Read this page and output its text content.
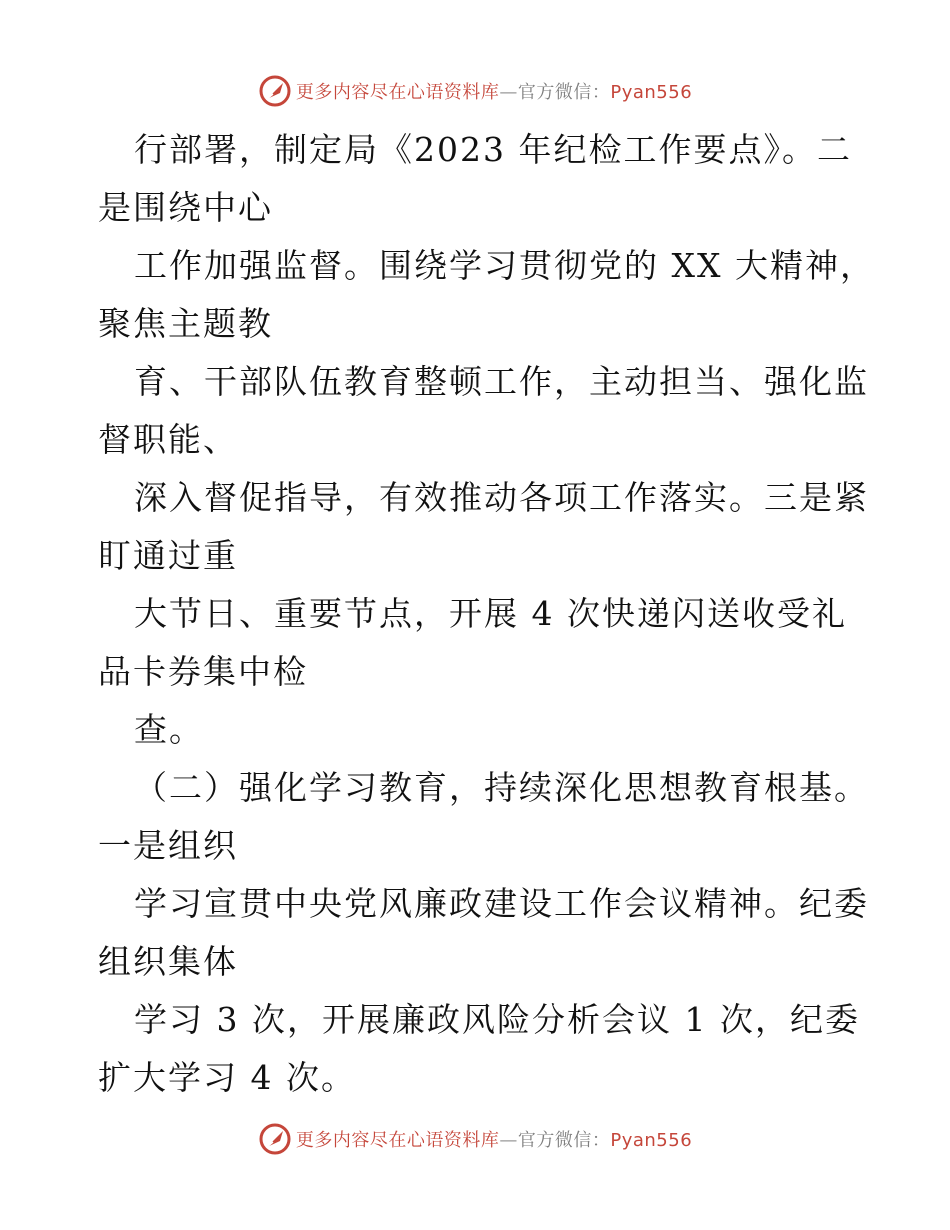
更多内容尽在心语资料库—官方微信：Pyan556
行部署，制定局《2023 年纪检工作要点》。二
是围绕中心
工作加强监督。围绕学习贯彻党的 XX 大精神，
聚焦主题教
育、干部队伍教育整顿工作，主动担当、强化监
督职能、
深入督促指导，有效推动各项工作落实。三是紧
盯通过重
大节日、重要节点，开展 4 次快递闪送收受礼
品卡券集中检
查。
（二）强化学习教育，持续深化思想教育根基。
一是组织
学习宣贯中央党风廉政建设工作会议精神。纪委
组织集体
学习 3 次，开展廉政风险分析会议 1 次，纪委
扩大学习 4 次。
更多内容尽在心语资料库—官方微信：Pyan556
